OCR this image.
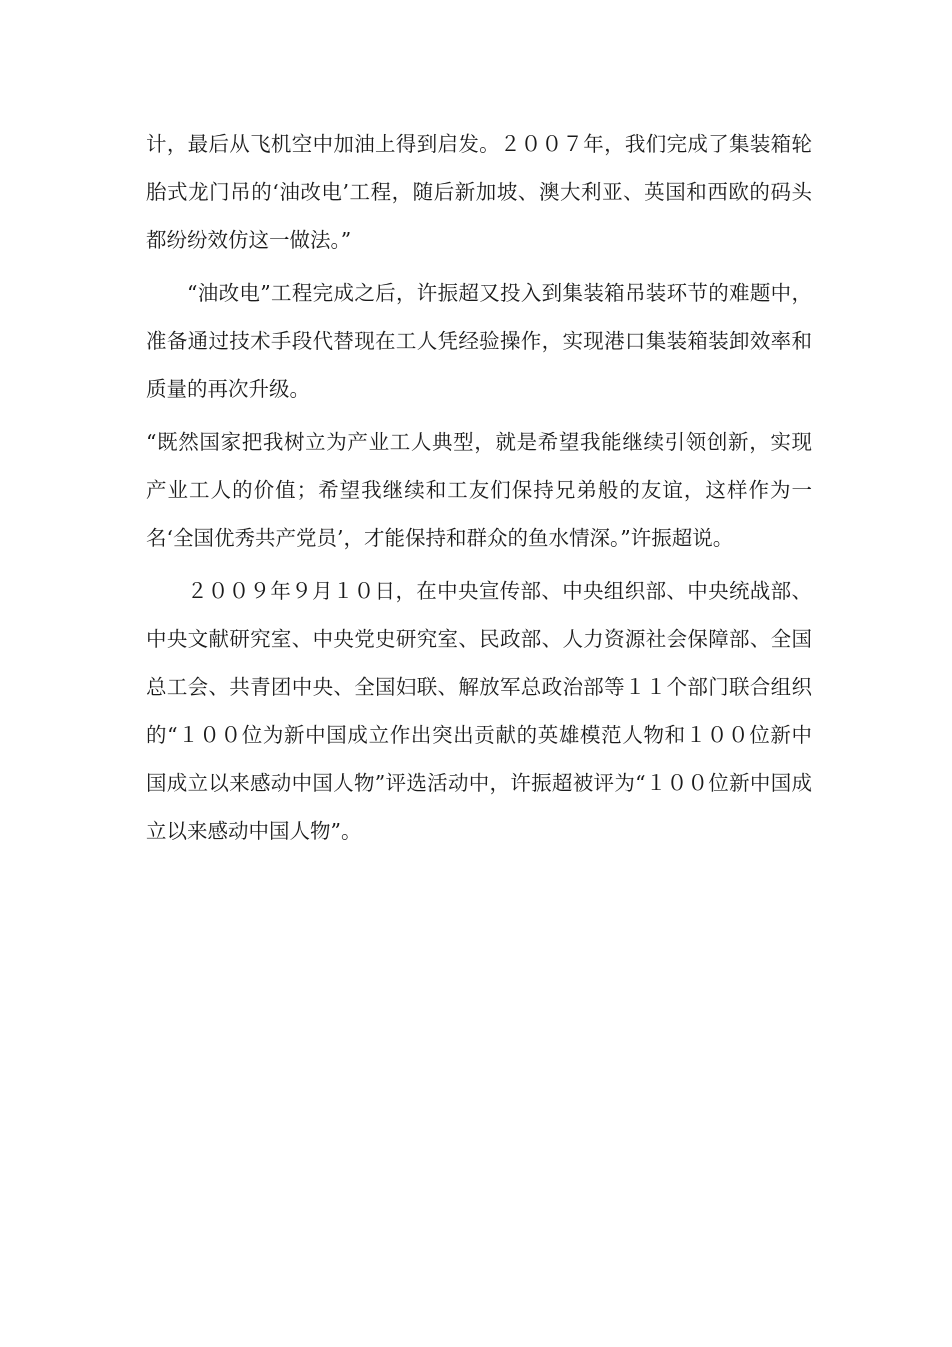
计，最后从飞机空中加油上得到启发。２００７年，我们完成了集装箱轮胎式龙门吊的‘油改电’工程，随后新加坡、澳大利亚、英国和西欧的码头都纷纷效仿这一做法。”

“油改电”工程完成之后，许振超又投入到集装箱吊装环节的难题中，准备通过技术手段代替现在工人凭经验操作，实现港口集装箱装卸效率和质量的再次升级。

“既然国家把我树立为产业工人典型，就是希望我能继续引领创新，实现产业工人的价值；希望我继续和工友们保持兄弟般的友谊，这样作为一名‘全国优秀共产党员’，才能保持和群众的鱼水情深。”许振超说。

２００９年９月１０日，在中央宣传部、中央组织部、中央统战部、中央文献研究室、中央党史研究室、民政部、人力资源社会保障部、全国总工会、共青团中央、全国妇联、解放军总政治部等１１个部门联合组织的“１００位为新中国成立作出突出贡献的英雄模范人物和１００位新中国成立以来感动中国人物”评选活动中，许振超被评为“１００位新中国成立以来感动中国人物”。
